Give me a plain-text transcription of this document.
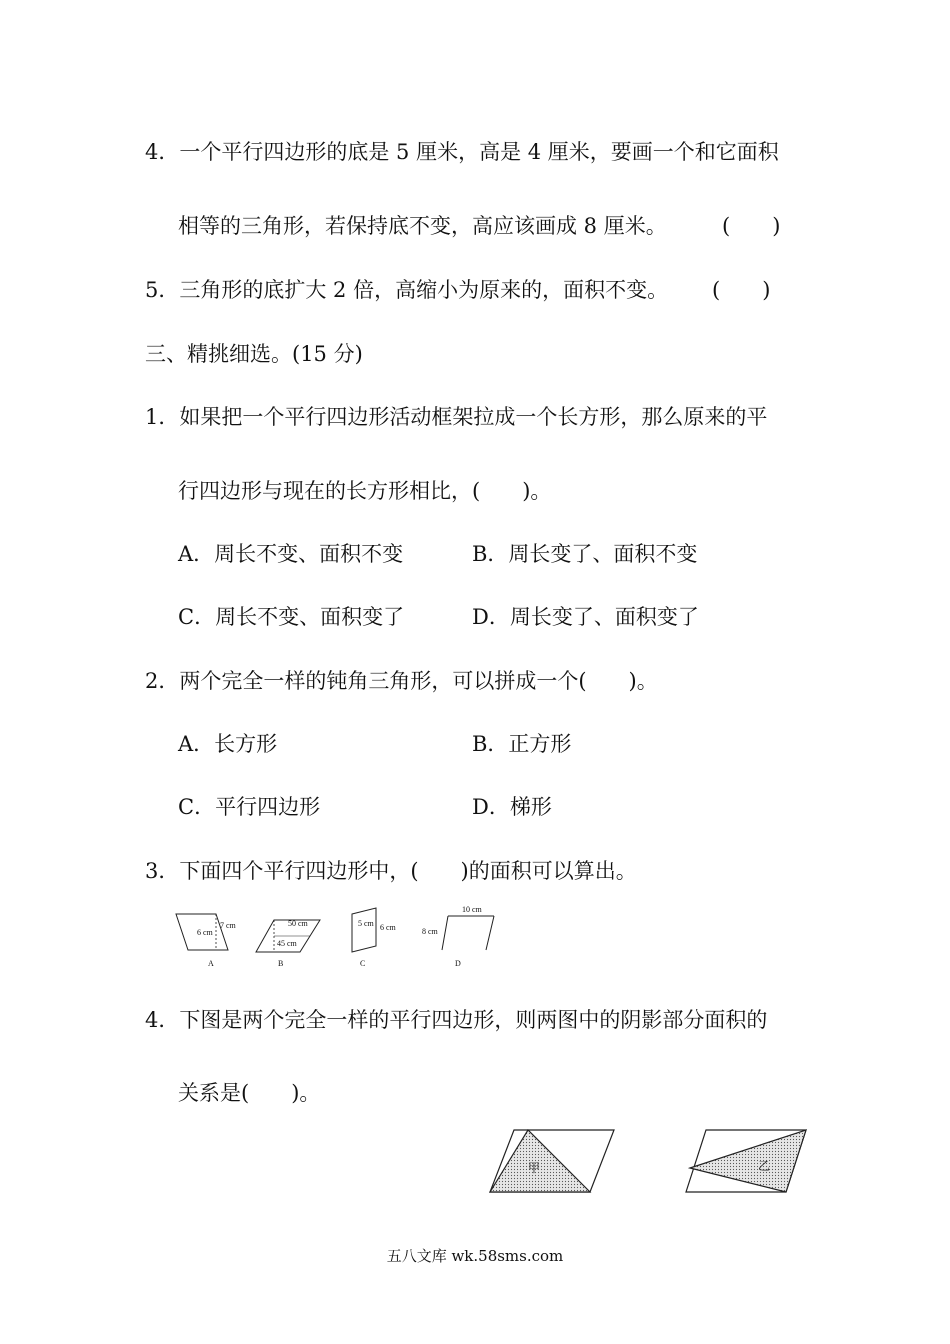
4．一个平行四边形的底是 5 厘米，高是 4 厘米，要画一个和它面积
相等的三角形，若保持底不变，高应该画成 8 厘米。	(　　)
5．三角形的底扩大 2 倍，高缩小为原来的，面积不变。 (　　)
三、精挑细选。(15 分)
1．如果把一个平行四边形活动框架拉成一个长方形，那么原来的平
行四边形与现在的长方形相比，(　　)。
A．周长不变、面积不变	B．周长变了、面积不变
C．周长不变、面积变了	D．周长变了、面积变了
2．两个完全一样的钝角三角形，可以拼成一个(　　)。
A．长方形	B．正方形
C．平行四边形	D．梯形
3．下面四个平行四边形中，(　　)的面积可以算出。
7 cm
6 cm
A
50 cm
45 cm
B
5 cm 6 cm
C
10 cm
8 cm
D
4．下图是两个完全一样的平行四边形，则两图中的阴影部分面积的
关系是(　　)。
甲	乙
五八文库 wk.58sms.com
